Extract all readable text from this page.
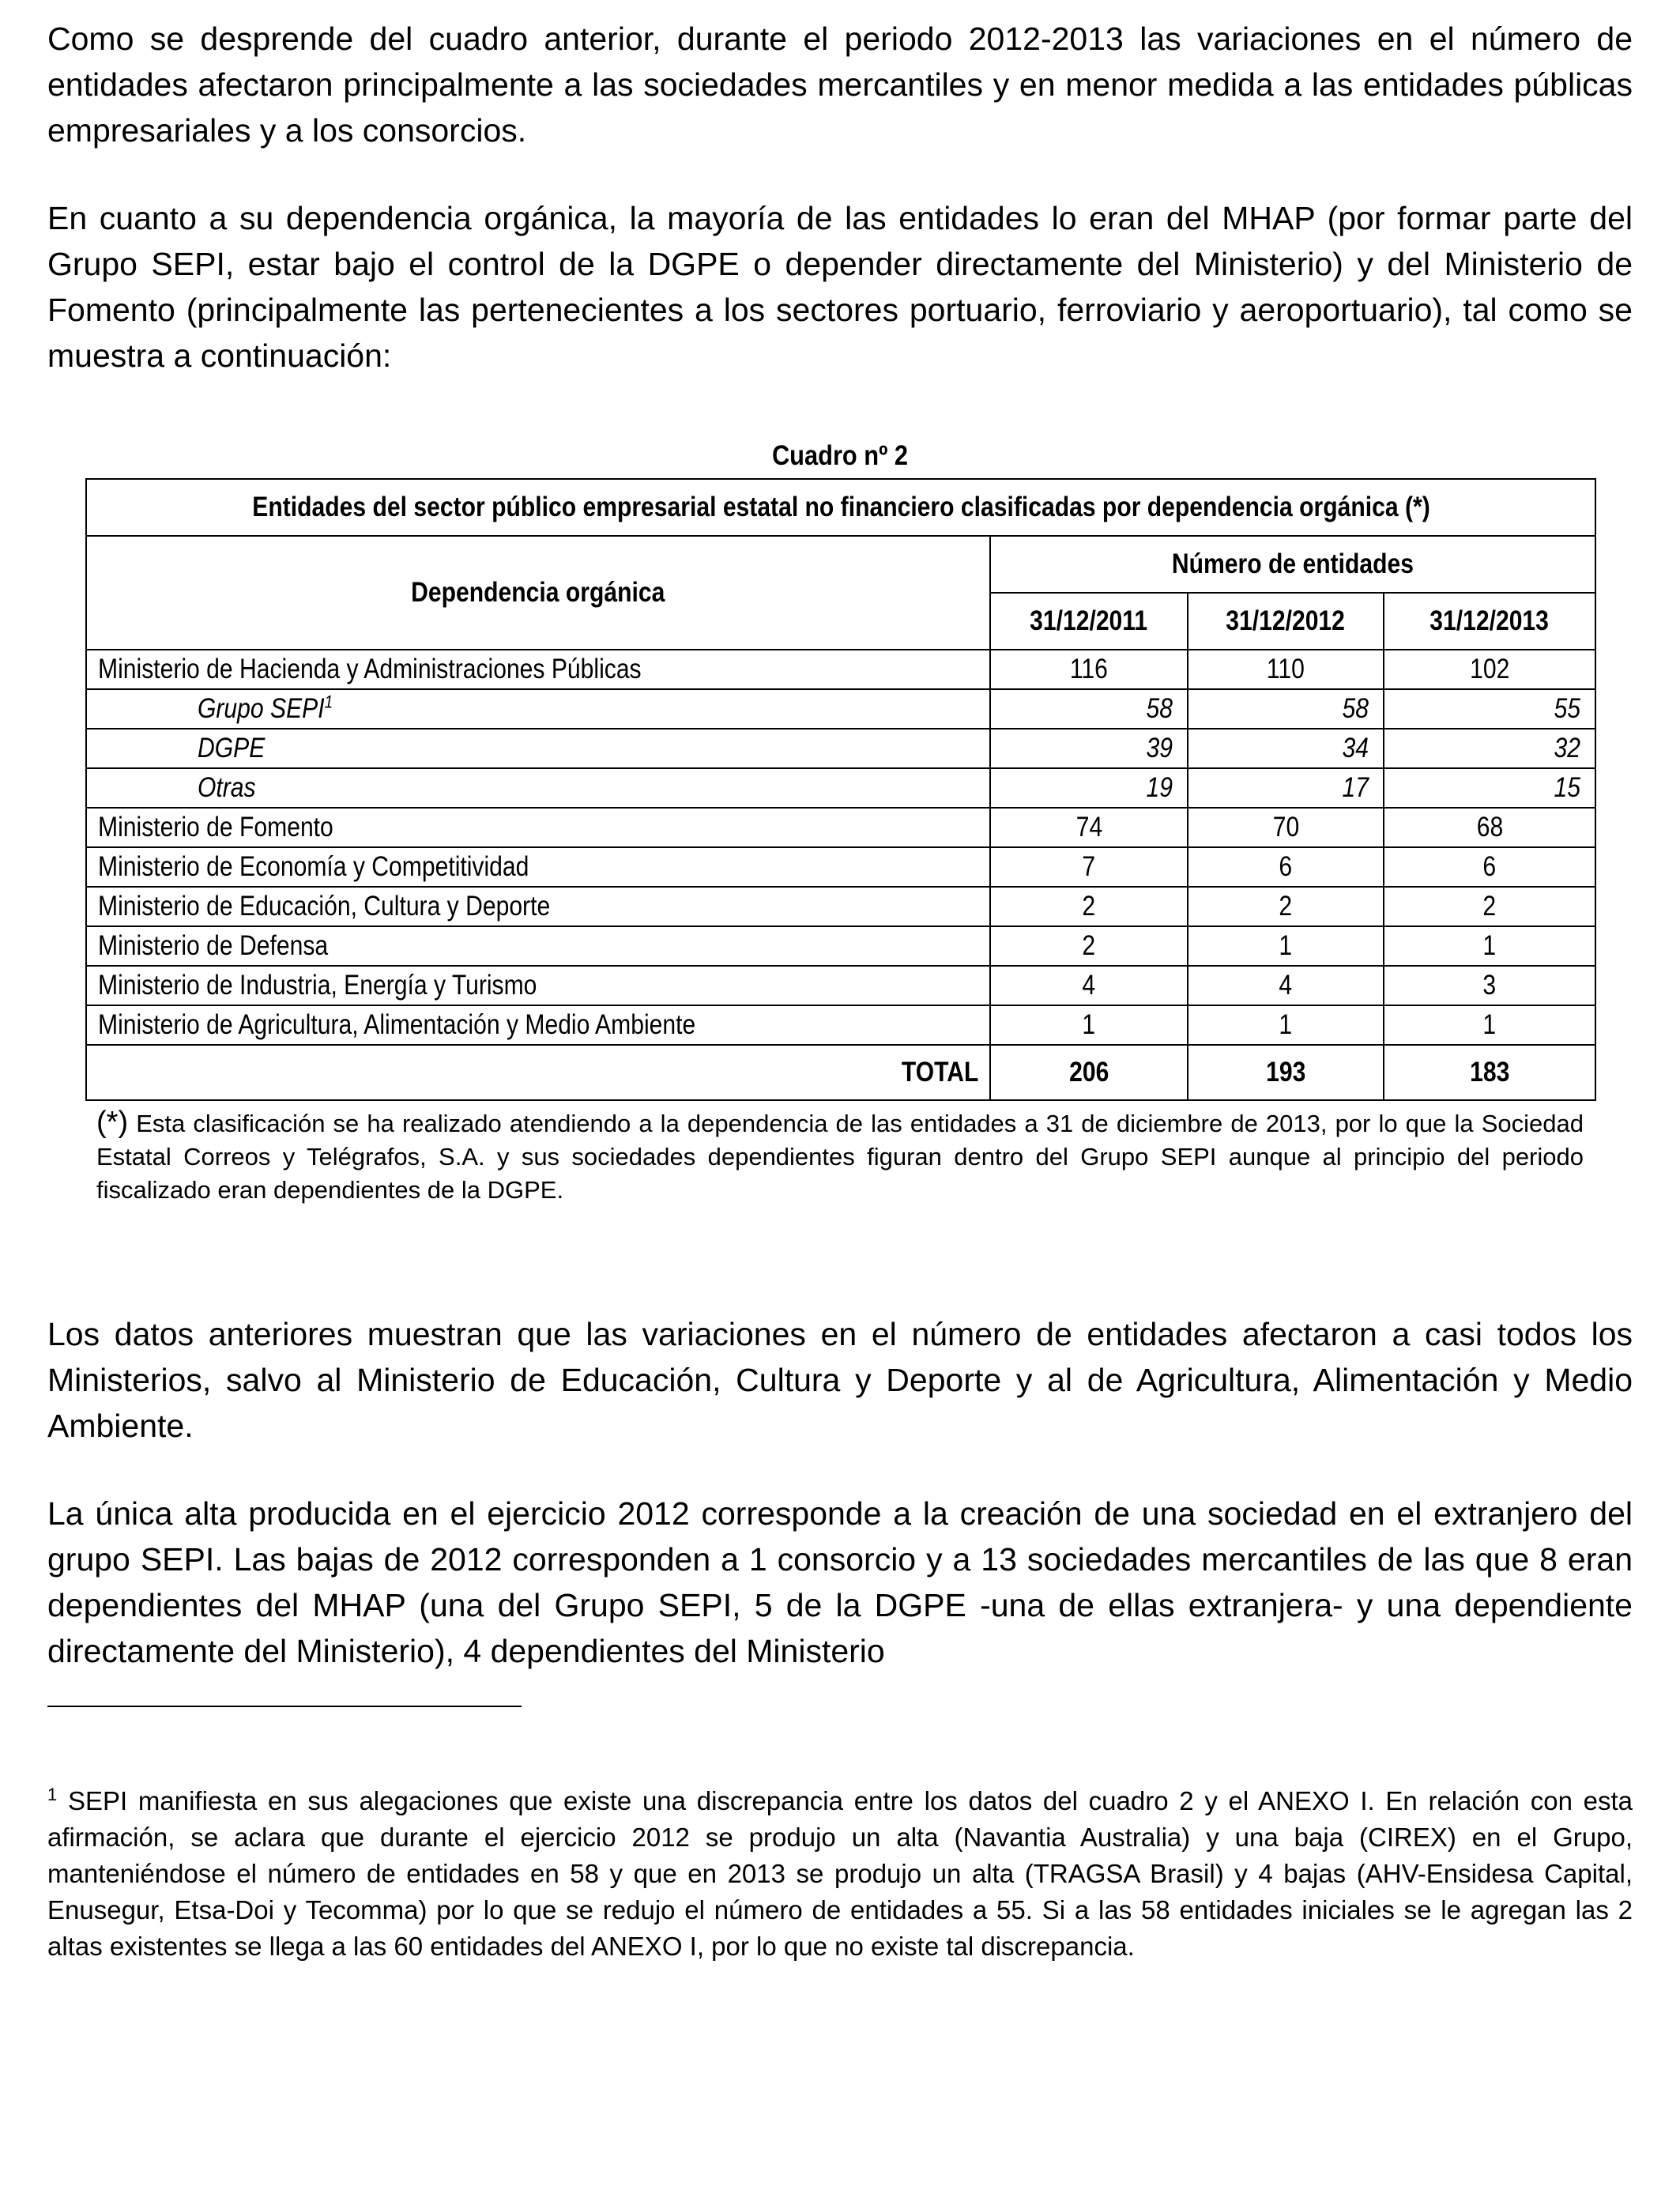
Como se desprende del cuadro anterior, durante el periodo 2012-2013 las variaciones en el número de entidades afectaron principalmente a las sociedades mercantiles y en menor medida a las entidades públicas empresariales y a los consorcios.

En cuanto a su dependencia orgánica, la mayoría de las entidades lo eran del MHAP (por formar parte del Grupo SEPI, estar bajo el control de la DGPE o depender directamente del Ministerio) y del Ministerio de Fomento (principalmente las pertenecientes a los sectores portuario, ferroviario y aeroportuario), tal como se muestra a continuación:

Cuadro nº 2
Entidades del sector público empresarial estatal no financiero clasificadas por dependencia orgánica (*)			
Dependencia orgánica	Número de entidades		
	31/12/2011	31/12/2012	31/12/2013
Ministerio de Hacienda y Administraciones Públicas	116	110	102
Grupo SEPI$^1$	58	58	55
DGPE	39	34	32
Otras	19	17	15
Ministerio de Fomento	74	70	68
Ministerio de Economía y Competitividad	7	6	6
Ministerio de Educación, Cultura y Deporte	2	2	2
Ministerio de Defensa	2	1	1
Ministerio de Industria, Energía y Turismo	4	4	3
Ministerio de Agricultura, Alimentación y Medio Ambiente	1	1	1
TOTAL	206	193	183
(*) Esta clasificación se ha realizado atendiendo a la dependencia de las entidades a 31 de diciembre de 2013, por lo que la Sociedad Estatal Correos y Telégrafos, S.A. y sus sociedades dependientes figuran dentro del Grupo SEPI aunque al principio del periodo fiscalizado eran dependientes de la DGPE.

Los datos anteriores muestran que las variaciones en el número de entidades afectaron a casi todos los Ministerios, salvo al Ministerio de Educación, Cultura y Deporte y al de Agricultura, Alimentación y Medio Ambiente.

La única alta producida en el ejercicio 2012 corresponde a la creación de una sociedad en el extranjero del grupo SEPI. Las bajas de 2012 corresponden a 1 consorcio y a 13 sociedades mercantiles de las que 8 eran dependientes del MHAP (una del Grupo SEPI, 5 de la DGPE -una de ellas extranjera- y una dependiente directamente del Ministerio), 4 dependientes del Ministerio

$^1$ SEPI manifiesta en sus alegaciones que existe una discrepancia entre los datos del cuadro 2 y el ANEXO I. En relación con esta afirmación, se aclara que durante el ejercicio 2012 se produjo un alta (Navantia Australia) y una baja (CIREX) en el Grupo, manteniéndose el número de entidades en 58 y que en 2013 se produjo un alta (TRAGSA Brasil) y 4 bajas (AHV-Ensidesa Capital, Enusegur, Etsa-Doi y Tecomma) por lo que se redujo el número de entidades a 55. Si a las 58 entidades iniciales se le agregan las 2 altas existentes se llega a las 60 entidades del ANEXO I, por lo que no existe tal discrepancia.
